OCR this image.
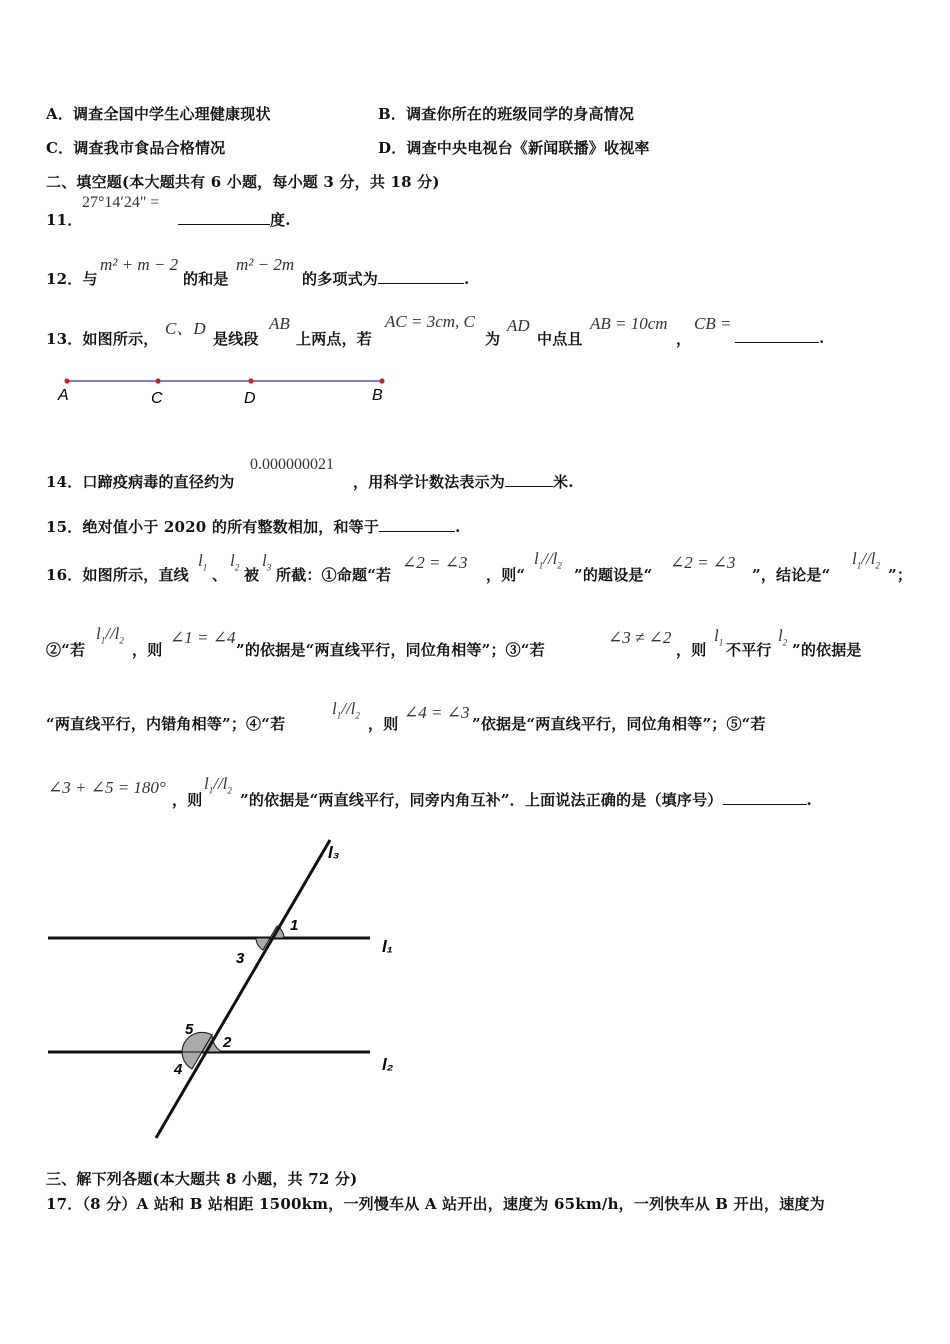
A．调查全国中学生心理健康现状	B．调查你所在的班级同学的身高情况
C．调查我市食品合格情况	D．调查中央电视台《新闻联播》收视率
二、填空题(本大题共有 6 小题，每小题 3 分，共 18 分)
11．
27°14′24" =
度.
12．与
m² + m − 2
的和是
m² − 2m
的多项式为	.
13．如图所示，
C、D
是线段
AB
上两点，若
AC = 3cm, C
为
AD
中点且
AB = 10cm
，
CB =
.
A	C	D	B
14．口蹄疫病毒的直径约为
0.000000021
，用科学计数法表示为	米.
15．绝对值小于 2020 的所有整数相加，和等于	.
16．如图所示，直线
$l_1$ 、
$l_2$ 被
$l_3$ 所截：①命题“若
∠2 = ∠3
，则“
$l_1//l_2$
”的题设是“
∠2 = ∠3
”，结论是“
$l_1//l_2$
”；
②“若
$l_1//l_2$
，则
∠1 = ∠4
”的依据是“两直线平行，同位角相等”；③“若
∠3 ≠ ∠2
，则
$l_1$ 不平行
$l_2$ ”的依据是
“两直线平行，内错角相等”；④“若
$l_1//l_2$ ，则
∠4 = ∠3
”依据是“两直线平行，同位角相等”；⑤“若
∠3 + ∠5 = 180°
，则
$l_1//l_2$
”的依据是“两直线平行，同旁内角互补”．上面说法正确的是（填序号）	.
l₃
l₁
l₂
1
3
5
2
4
三、解下列各题(本大题共 8 小题，共 72 分)
17．（8 分）A 站和 B 站相距 1500km，一列慢车从 A 站开出，速度为 65km/h，一列快车从 B 开出，速度为
